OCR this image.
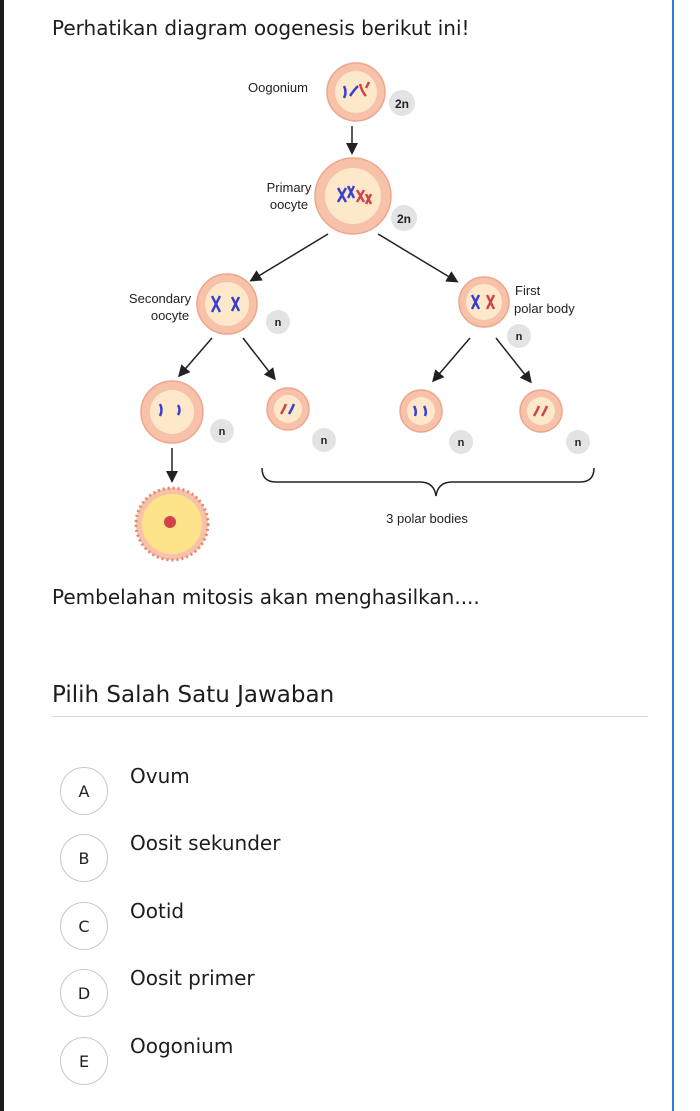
Perhatikan diagram oogenesis berikut ini!
Oogonium
2n
Primary
oocyte
2n
Secondary
oocyte	n
First
polar body
n
n
n	n	n
3 polar bodies
Pembelahan mitosis akan menghasilkan....
Pilih Salah Satu Jawaban
A
Ovum
B
Oosit sekunder
C
Ootid
D
Oosit primer
E
Oogonium
